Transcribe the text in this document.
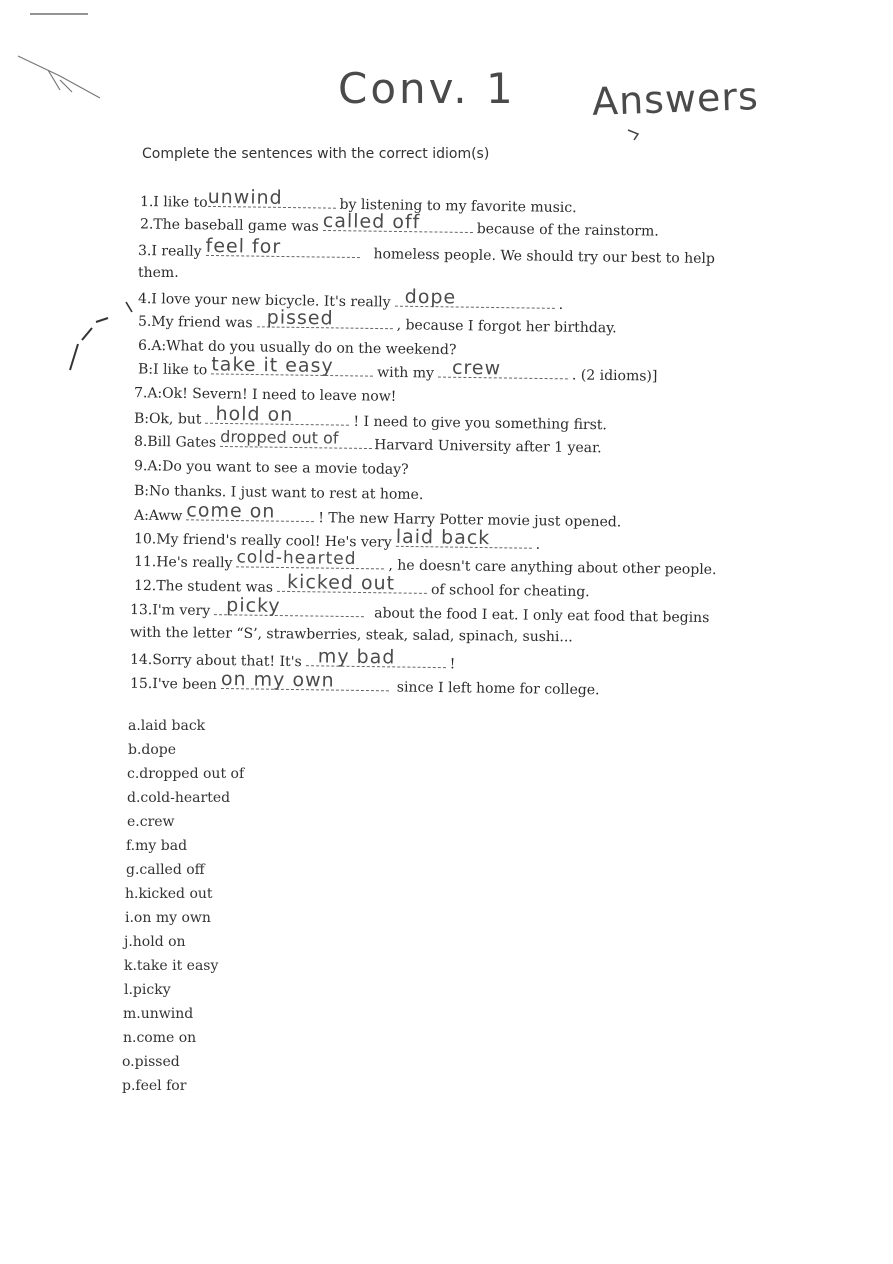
Conv. 1 Answers
Complete the sentences with the correct idiom(s)
1.I like to unwind	by listening to my favorite music.
2.The baseball game was called off	because of the rainstorm.
3.I really feel for	homeless people. We should try our best to help
them.
4.I love your new bicycle. It's really dope	.
5.My friend was pissed	, because I forgot her birthday.
6.A:What do you usually do on the weekend?
B:I like to take it easy	with my crew	. (2 idioms)]
7.A:Ok! Severn! I need to leave now!
B:Ok, but hold on	! I need to give you something first.
8.Bill Gates dropped out of	Harvard University after 1 year.
9.A:Do you want to see a movie today?
B:No thanks. I just want to rest at home.
A:Aww come on	! The new Harry Potter movie just opened.
10.My friend's really cool! He's very laid back	.
11.He's really cold-hearted , he doesn't care anything about other people.
12.The student was kicked out	of school for cheating.
13.I'm very picky	about the food I eat. I only eat food that begins
with the letter “S’, strawberries, steak, salad, spinach, sushi...
14.Sorry about that! It's my bad	!
15.I've been on my own	since I left home for college.
a.laid back
b.dope
c.dropped out of
d.cold-hearted
e.crew
f.my bad
g.called off
h.kicked out
i.on my own
j.hold on
k.take it easy
l.picky
m.unwind
n.come on
o.pissed
p.feel for
